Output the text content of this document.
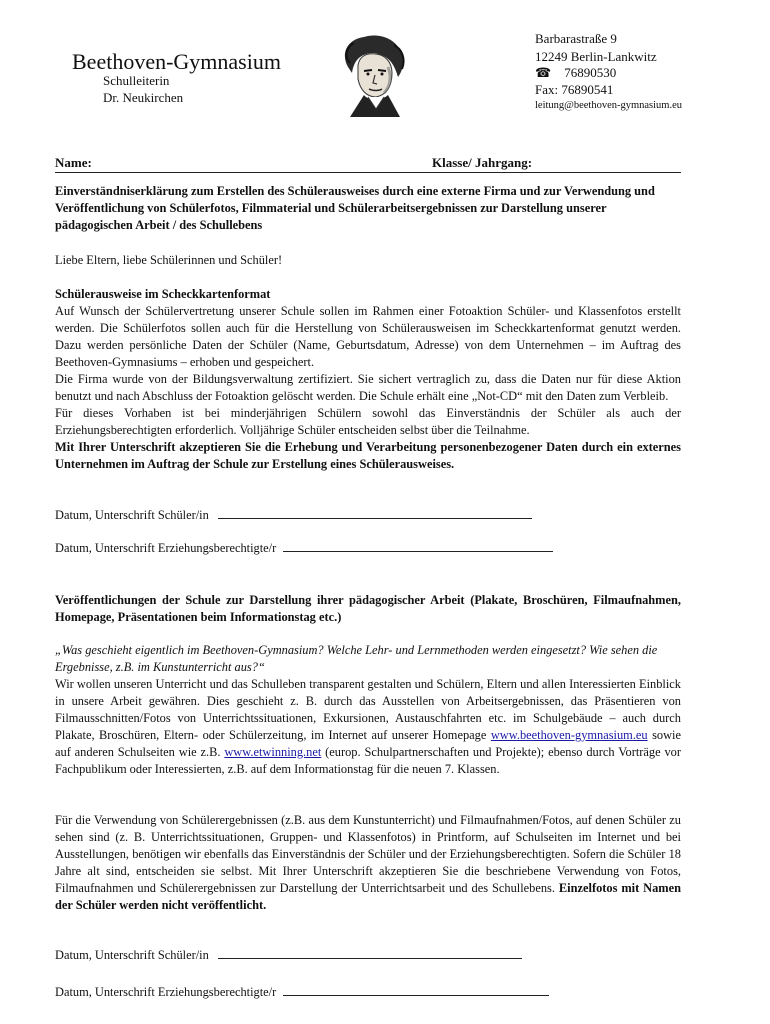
Beethoven-Gymnasium
Schulleiterin
Dr. Neukirchen
Barbarastraße 9
12249 Berlin-Lankwitz
☎ 76890530
Fax: 76890541
leitung@beethoven-gymnasium.eu
Name:	Klasse/ Jahrgang:

Einverständniserklärung zum Erstellen des Schülerausweises durch eine externe Firma und zur Verwendung und Veröffentlichung von Schülerfotos, Filmmaterial und Schülerarbeitsergebnissen zur Darstellung unserer pädagogischen Arbeit / des Schullebens

Liebe Eltern, liebe Schülerinnen und Schüler!

Schülerausweise im Scheckkartenformat

Auf Wunsch der Schülervertretung unserer Schule sollen im Rahmen einer Fotoaktion Schüler- und Klassenfotos erstellt werden. Die Schülerfotos sollen auch für die Herstellung von Schülerausweisen im Scheckkartenformat genutzt werden. Dazu werden persönliche Daten der Schüler (Name, Geburtsdatum, Adresse) von dem Unternehmen – im Auftrag des Beethoven-Gymnasiums – erhoben und gespeichert.

Die Firma wurde von der Bildungsverwaltung zertifiziert. Sie sichert vertraglich zu, dass die Daten nur für diese Aktion benutzt und nach Abschluss der Fotoaktion gelöscht werden. Die Schule erhält eine „Not-CD“ mit den Daten zum Verbleib.

Für dieses Vorhaben ist bei minderjährigen Schülern sowohl das Einverständnis der Schüler als auch der Erziehungsberechtigten erforderlich. Volljährige Schüler entscheiden selbst über die Teilnahme.

Mit Ihrer Unterschrift akzeptieren Sie die Erhebung und Verarbeitung personenbezogener Daten durch ein externes Unternehmen im Auftrag der Schule zur Erstellung eines Schülerausweises.

Datum, Unterschrift Schüler/in
Datum, Unterschrift Erziehungsberechtigte/r

Veröffentlichungen der Schule zur Darstellung ihrer pädagogischer Arbeit (Plakate, Broschüren, Filmaufnahmen, Homepage, Präsentationen beim Informationstag etc.)

„Was geschieht eigentlich im Beethoven-Gymnasium? Welche Lehr- und Lernmethoden werden eingesetzt? Wie sehen die Ergebnisse, z.B. im Kunstunterricht aus?“

Wir wollen unseren Unterricht und das Schulleben transparent gestalten und Schülern, Eltern und allen Interessierten Einblick in unsere Arbeit gewähren. Dies geschieht z. B. durch das Ausstellen von Arbeitsergebnissen, das Präsentieren von Filmausschnitten/Fotos von Unterrichtssituationen, Exkursionen, Austauschfahrten etc. im Schulgebäude – auch durch Plakate, Broschüren, Eltern- oder Schülerzeitung, im Internet auf unserer Homepage www.beethoven-gymnasium.eu sowie auf anderen Schulseiten wie z.B. www.etwinning.net (europ. Schulpartnerschaften und Projekte); ebenso durch Vorträge vor Fachpublikum oder Interessierten, z.B. auf dem Informationstag für die neuen 7. Klassen.

Für die Verwendung von Schülerergebnissen (z.B. aus dem Kunstunterricht) und Filmaufnahmen/Fotos, auf denen Schüler zu sehen sind (z. B. Unterrichtssituationen, Gruppen- und Klassenfotos) in Printform, auf Schulseiten im Internet und bei Ausstellungen, benötigen wir ebenfalls das Einverständnis der Schüler und der Erziehungsberechtigten. Sofern die Schüler 18 Jahre alt sind, entscheiden sie selbst. Mit Ihrer Unterschrift akzeptieren Sie die beschriebene Verwendung von Fotos, Filmaufnahmen und Schülerergebnissen zur Darstellung der Unterrichtsarbeit und des Schullebens. Einzelfotos mit Namen der Schüler werden nicht veröffentlicht.

Datum, Unterschrift Schüler/in
Datum, Unterschrift Erziehungsberechtigte/r
